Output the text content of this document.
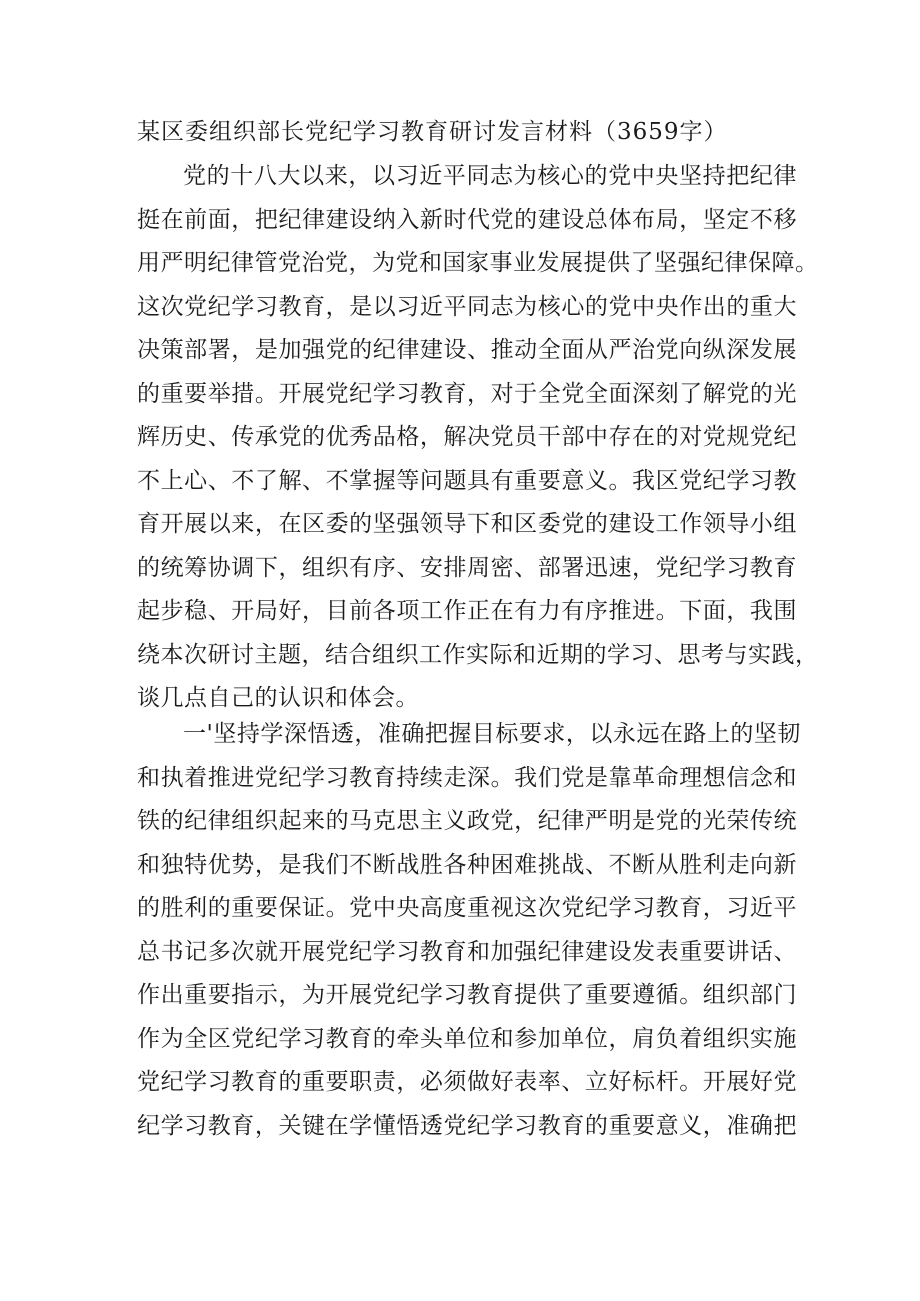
某区委组织部长党纪学习教育研讨发言材料（3659字）
党的十八大以来，以习近平同志为核心的党中央坚持把纪律
挺在前面，把纪律建设纳入新时代党的建设总体布局，坚定不移
用严明纪律管党治党，为党和国家事业发展提供了坚强纪律保障。
这次党纪学习教育，是以习近平同志为核心的党中央作出的重大
决策部署，是加强党的纪律建设、推动全面从严治党向纵深发展
的重要举措。开展党纪学习教育，对于全党全面深刻了解党的光
辉历史、传承党的优秀品格，解决党员干部中存在的对党规党纪
不上心、不了解、不掌握等问题具有重要意义。我区党纪学习教
育开展以来，在区委的坚强领导下和区委党的建设工作领导小组
的统筹协调下，组织有序、安排周密、部署迅速，党纪学习教育
起步稳、开局好，目前各项工作正在有力有序推进。下面，我围
绕本次研讨主题，结合组织工作实际和近期的学习、思考与实践，
谈几点自己的认识和体会。
一'坚持学深悟透，准确把握目标要求，以永远在路上的坚韧
和执着推进党纪学习教育持续走深。我们党是靠革命理想信念和
铁的纪律组织起来的马克思主义政党，纪律严明是党的光荣传统
和独特优势，是我们不断战胜各种困难挑战、不断从胜利走向新
的胜利的重要保证。党中央高度重视这次党纪学习教育，习近平
总书记多次就开展党纪学习教育和加强纪律建设发表重要讲话、
作出重要指示，为开展党纪学习教育提供了重要遵循。组织部门
作为全区党纪学习教育的牵头单位和参加单位，肩负着组织实施
党纪学习教育的重要职责，必须做好表率、立好标杆。开展好党
纪学习教育，关键在学懂悟透党纪学习教育的重要意义，准确把
